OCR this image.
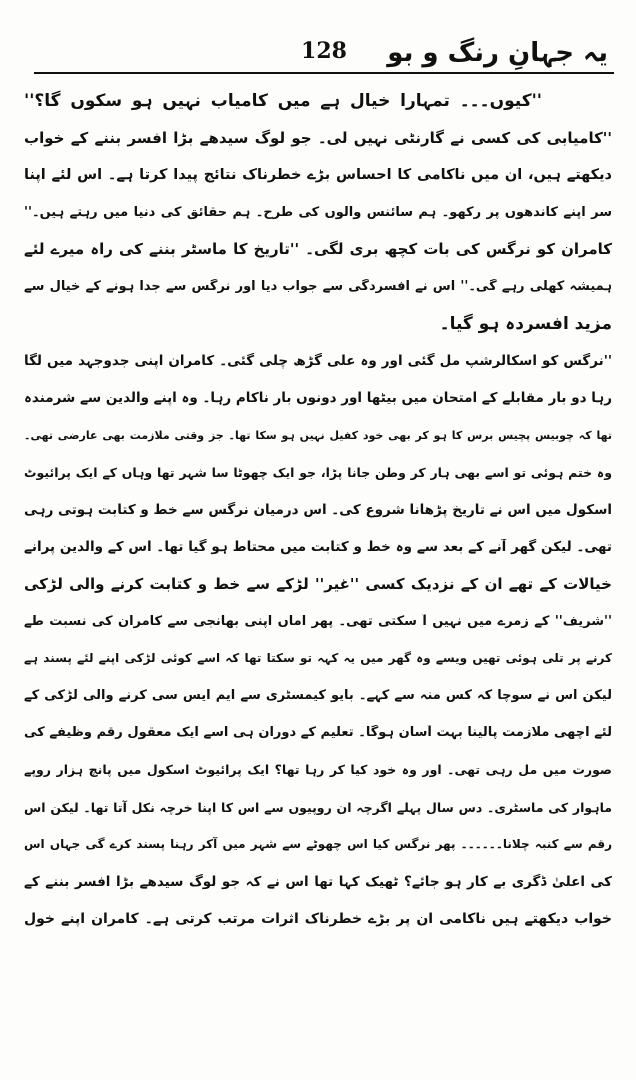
128 یہ جہانِ رنگ و بو
''کیوں۔۔۔ تمہارا خیال ہے میں کامیاب نہیں ہو سکوں گا؟''
''کامیابی کی کسی نے گارنٹی نہیں لی۔ جو لوگ سیدھے بڑا افسر بننے کے خواب
دیکھتے ہیں، ان میں ناکامی کا احساس بڑے خطرناک نتائج پیدا کرتا ہے۔ اس لئے اپنا
سر اپنے کاندھوں پر رکھو۔ ہم سائنس والوں کی طرح۔ ہم حقائق کی دنیا میں رہتے ہیں۔''
کامران کو نرگس کی بات کچھ بری لگی۔ ''تاریخ کا ماسٹر بننے کی راہ میرے لئے
ہمیشہ کھلی رہے گی۔'' اس نے افسردگی سے جواب دیا اور نرگس سے جدا ہونے کے خیال سے
مزید افسردہ ہو گیا۔
''نرگس کو اسکالرشپ مل گئی اور وہ علی گڑھ چلی گئی۔ کامران اپنی جدوجہد میں لگا
رہا دو بار مقابلے کے امتحان میں بیٹھا اور دونوں بار ناکام رہا۔ وہ اپنے والدین سے شرمندہ
تھا کہ چوبیس پچیس برس کا ہو کر بھی خود کفیل نہیں ہو سکا تھا۔ جز وقتی ملازمت بھی عارضی تھی۔
وہ ختم ہوئی تو اسے بھی ہار کر وطن جانا پڑا، جو ایک چھوٹا سا شہر تھا وہاں کے ایک پرائیوٹ
اسکول میں اس نے تاریخ پڑھانا شروع کی۔ اس درمیان نرگس سے خط و کتابت ہوتی رہی
تھی۔ لیکن گھر آنے کے بعد سے وہ خط و کتابت میں محتاط ہو گیا تھا۔ اس کے والدین پرانے
خیالات کے تھے ان کے نزدیک کسی ''غیر'' لڑکے سے خط و کتابت کرنے والی لڑکی
''شریف'' کے زمرے میں نہیں آ سکتی تھی۔ پھر اماں اپنی بھانجی سے کامران کی نسبت طے
کرنے پر تلی ہوئی تھیں ویسے وہ گھر میں یہ کہہ تو سکتا تھا کہ اسے کوئی لڑکی اپنے لئے پسند ہے
لیکن اس نے سوچا کہ کس منہ سے کہے۔ بایو کیمسٹری سے ایم ایس سی کرنے والی لڑکی کے
لئے اچھی ملازمت پالینا بہت آسان ہوگا۔ تعلیم کے دوران ہی اسے ایک معقول رقم وظیفے کی
صورت میں مل رہی تھی۔ اور وہ خود کیا کر رہا تھا؟ ایک پرائیوٹ اسکول میں پانچ ہزار روپے
ماہوار کی ماسٹری۔ دس سال پہلے اگرچہ ان روپیوں سے اس کا اپنا خرچہ نکل آتا تھا۔ لیکن اس
رقم سے کنبہ چلانا۔۔۔۔۔۔ پھر نرگس کیا اس چھوٹے سے شہر میں آکر رہنا پسند کرے گی جہاں اس
کی اعلیٰ ڈگری بے کار ہو جائے؟ ٹھیک کہا تھا اس نے کہ جو لوگ سیدھے بڑا افسر بننے کے
خواب دیکھتے ہیں ناکامی ان پر بڑے خطرناک اثرات مرتب کرتی ہے۔ کامران اپنے خول
